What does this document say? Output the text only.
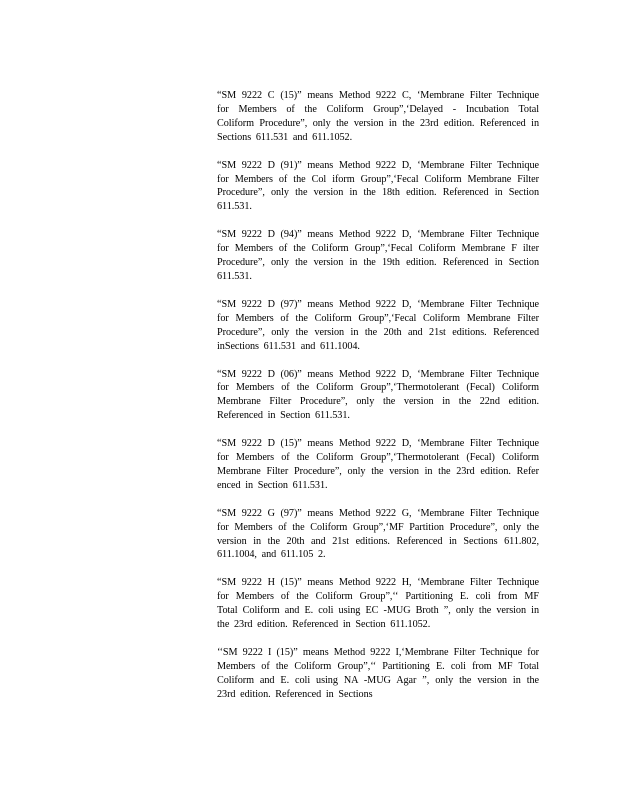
“SM 9222 C (15)” means Method 9222 C, ‘Membrane Filter Technique for Members of the Coliform Group”,‘Delayed - Incubation Total Coliform Procedure”, only the version in the 23rd edition. Referenced in Sections 611.531 and 611.1052.

“SM 9222 D (91)” means Method 9222 D, ‘Membrane Filter Technique for Members of the Col iform Group”,‘Fecal Coliform Membrane Filter Procedure”, only the version in the 18th edition. Referenced in Section 611.531.

“SM 9222 D (94)” means Method 9222 D, ‘Membrane Filter Technique for Members of the Coliform Group”,‘Fecal Coliform Membrane F ilter Procedure”, only the version in the 19th edition. Referenced in Section 611.531.

“SM 9222 D (97)” means Method 9222 D, ‘Membrane Filter Technique for Members of the Coliform Group”,‘Fecal Coliform Membrane Filter Procedure”, only the version in the 20th and 21st editions. Referenced inSections 611.531 and 611.1004.

“SM 9222 D (06)” means Method 9222 D, ‘Membrane Filter Technique for Members of the Coliform Group”,‘Thermotolerant (Fecal) Coliform Membrane Filter Procedure”, only the version in the 22nd edition. Referenced in Section 611.531.

“SM 9222 D (15)” means Method 9222 D, ‘Membrane Filter Technique for Members of the Coliform Group”,‘Thermotolerant (Fecal) Coliform Membrane Filter Procedure”, only the version in the 23rd edition. Refer enced in Section 611.531.

“SM 9222 G (97)” means Method 9222 G, ‘Membrane Filter Technique for Members of the Coliform Group”,‘MF Partition Procedure”, only the version in the 20th and 21st editions. Referenced in Sections 611.802, 611.1004, and 611.105 2.

“SM 9222 H (15)” means Method 9222 H, ‘Membrane Filter Technique for Members of the Coliform Group”,‘‘ Partitioning E. coli from MF Total Coliform and E. coli using EC -MUG Broth ”, only the version in the 23rd edition. Referenced in Section 611.1052.

‘‘SM 9222 I (15)” means Method 9222 I,‘Membrane Filter Technique for Members of the Coliform Group”,‘‘ Partitioning E. coli from MF Total Coliform and E. coli using NA -MUG Agar ”, only the version in the 23rd edition. Referenced in Sections
